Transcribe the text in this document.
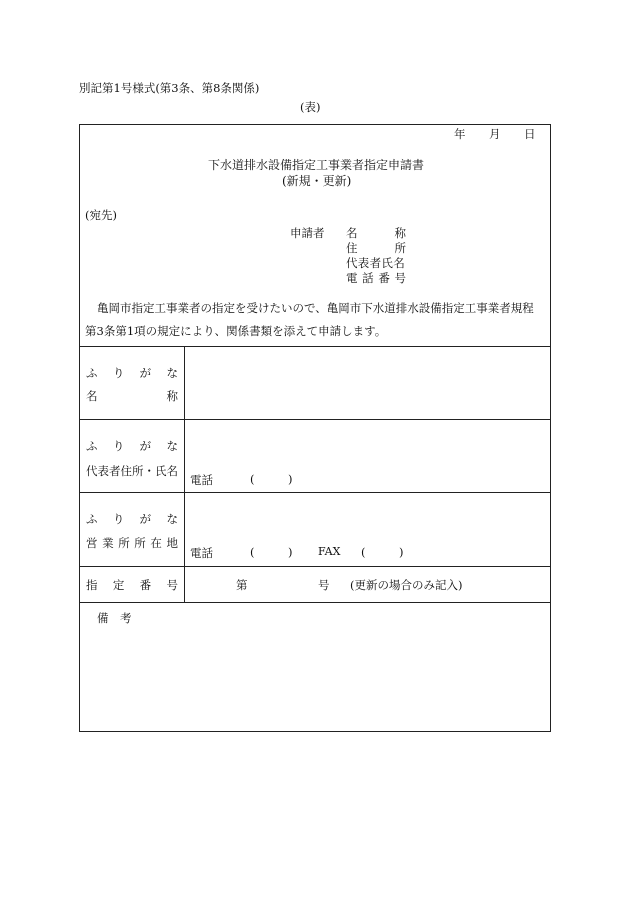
別記第1号様式(第3条、第8条関係)
(表)
年 月 日
下水道排水設備指定工事業者指定申請書
(新規・更新)
(宛先)
申請者 名	称
住	所
代表者氏名
電 話 番 号
亀岡市指定工事業者の指定を受けたいので、亀岡市下水道排水設備指定工事業者規程
第3条第1項の規定により、関係書類を添えて申請します。
ふ り が な
名	称
ふ り が な
代表者住所・氏名
電話	(	)
ふ り が な
営 業 所 所 在 地
電話	(	) FAX (	)
指 定 番 号	第	号 (更新の場合のみ記入)
備　考
